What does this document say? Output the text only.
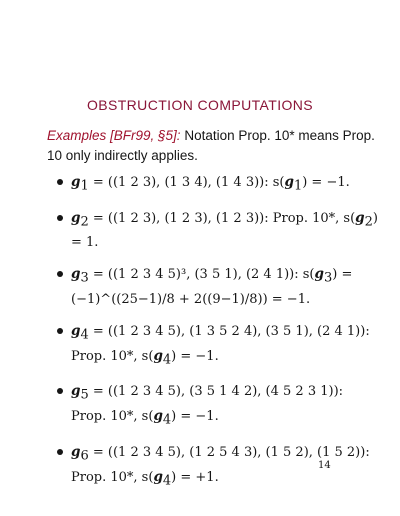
OBSTRUCTION COMPUTATIONS
Examples [BFr99, §5]: Notation Prop. 10* means Prop. 10 only indirectly applies.
$g_1 = ((1$ 2 3), (1 3 4), (1 4 3)): $s(g_1) = -1$.
$g_2 = ((1$ 2 3), (1 2 3), (1 2 3)): Prop. 10*, $s(g_2) = 1$.
$g_3 = ((1$ 2 3 4 5)³, (3 5 1), (2 4 1)): $s(g_3)$ = (−1)^((25−1)/8 + 2((9−1)/8)) = −1.
$g_4 = ((1$ 2 3 4 5), (1 3 5 2 4), (3 5 1), (2 4 1)): Prop. 10*, $s(g_4) = -1$.
$g_5 = ((1$ 2 3 4 5), (3 5 1 4 2), (4 5 2 3 1)): Prop. 10*, $s(g_4) = -1$.
$g_6 = ((1$ 2 3 4 5), (1 2 5 4 3), (1 5 2), (1 5 2)): Prop. 10*, $s(g_4) = +1$.
14
